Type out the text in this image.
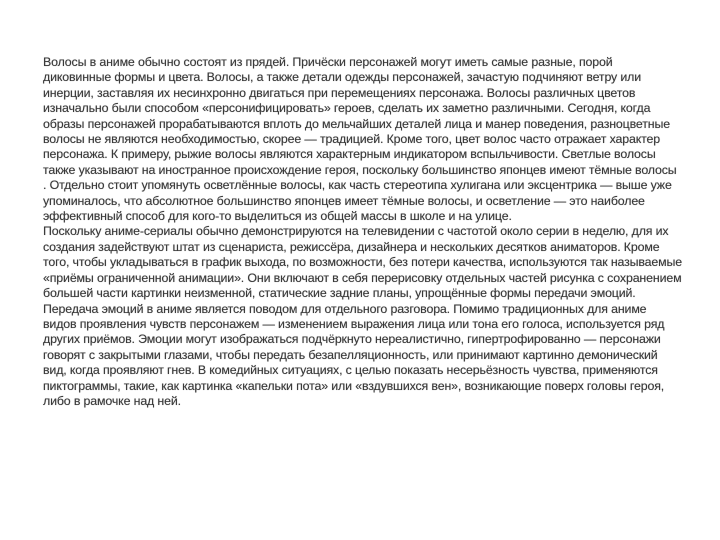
Волосы в аниме обычно состоят из прядей. Причёски персонажей могут иметь самые разные, порой диковинные формы и цвета. Волосы, а также детали одежды персонажей, зачастую подчиняют ветру или инерции, заставляя их несинхронно двигаться при перемещениях персонажа. Волосы различных цветов изначально были способом «персонифицировать» героев, сделать их заметно различными. Сегодня, когда образы персонажей прорабатываются вплоть до мельчайших деталей лица и манер поведения, разноцветные волосы не являются необходимостью, скорее — традицией. Кроме того, цвет волос часто отражает характер персонажа. К примеру, рыжие волосы являются характерным индикатором вспыльчивости. Светлые волосы также указывают на иностранное происхождение героя, поскольку большинство японцев имеют тёмные волосы . Отдельно стоит упомянуть осветлённые волосы, как часть стереотипа хулигана или эксцентрика — выше уже упоминалось, что абсолютное большинство японцев имеет тёмные волосы, и осветление — это наиболее эффективный способ для кого-то выделиться из общей массы в школе и на улице.

Поскольку аниме-сериалы обычно демонстрируются на телевидении с частотой около серии в неделю, для их создания задействуют штат из сценариста, режиссёра, дизайнера и нескольких десятков аниматоров. Кроме того, чтобы укладываться в график выхода, по возможности, без потери качества, используются так называемые «приёмы ограниченной анимации». Они включают в себя перерисовку отдельных частей рисунка с сохранением большей части картинки неизменной, статические задние планы, упрощённые формы передачи эмоций.

Передача эмоций в аниме является поводом для отдельного разговора. Помимо традиционных для аниме видов проявления чувств персонажем — изменением выражения лица или тона его голоса, используется ряд других приёмов. Эмоции могут изображаться подчёркнуто нереалистично, гипертрофированно — персонажи говорят с закрытыми глазами, чтобы передать безапелляционность, или принимают картинно демонический вид, когда проявляют гнев. В комедийных ситуациях, с целью показать несерьёзность чувства, применяются пиктограммы, такие, как картинка «капельки пота» или «вздувшихся вен», возникающие поверх головы героя, либо в рамочке над ней.
